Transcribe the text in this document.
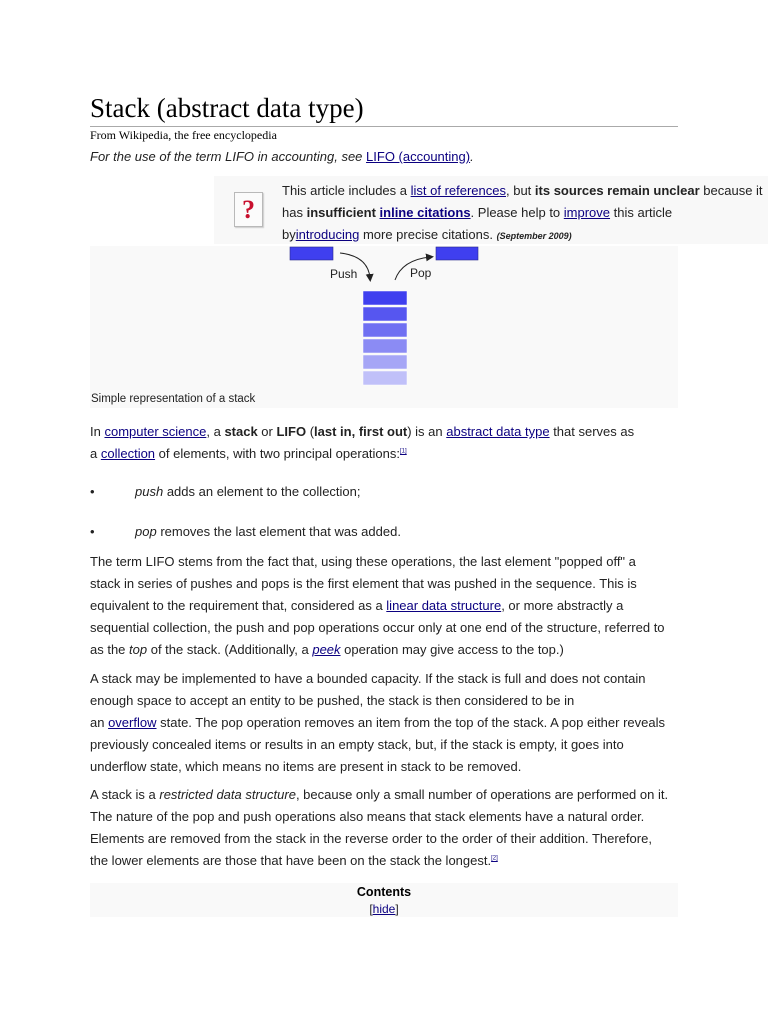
Stack (abstract data type)
From Wikipedia, the free encyclopedia
For the use of the term LIFO in accounting, see LIFO (accounting).
?
This article includes a list of references, but its sources remain unclear because it
has insufficient inline citations. Please help to improve this article
byintroducing more precise citations. (September 2009)
Push	Pop
Simple representation of a stack
In computer science, a stack or LIFO (last in, first out) is an abstract data type that serves as
a collection of elements, with two principal operations:[1]
•	push adds an element to the collection;
•	pop removes the last element that was added.
The term LIFO stems from the fact that, using these operations, the last element "popped off" a
stack in series of pushes and pops is the first element that was pushed in the sequence. This is
equivalent to the requirement that, considered as a linear data structure, or more abstractly a
sequential collection, the push and pop operations occur only at one end of the structure, referred to
as the top of the stack. (Additionally, a peek operation may give access to the top.)
A stack may be implemented to have a bounded capacity. If the stack is full and does not contain
enough space to accept an entity to be pushed, the stack is then considered to be in
an overflow state. The pop operation removes an item from the top of the stack. A pop either reveals
previously concealed items or results in an empty stack, but, if the stack is empty, it goes into
underflow state, which means no items are present in stack to be removed.
A stack is a restricted data structure, because only a small number of operations are performed on it.
The nature of the pop and push operations also means that stack elements have a natural order.
Elements are removed from the stack in the reverse order to the order of their addition. Therefore,
the lower elements are those that have been on the stack the longest.[2]
Contents
[hide]
